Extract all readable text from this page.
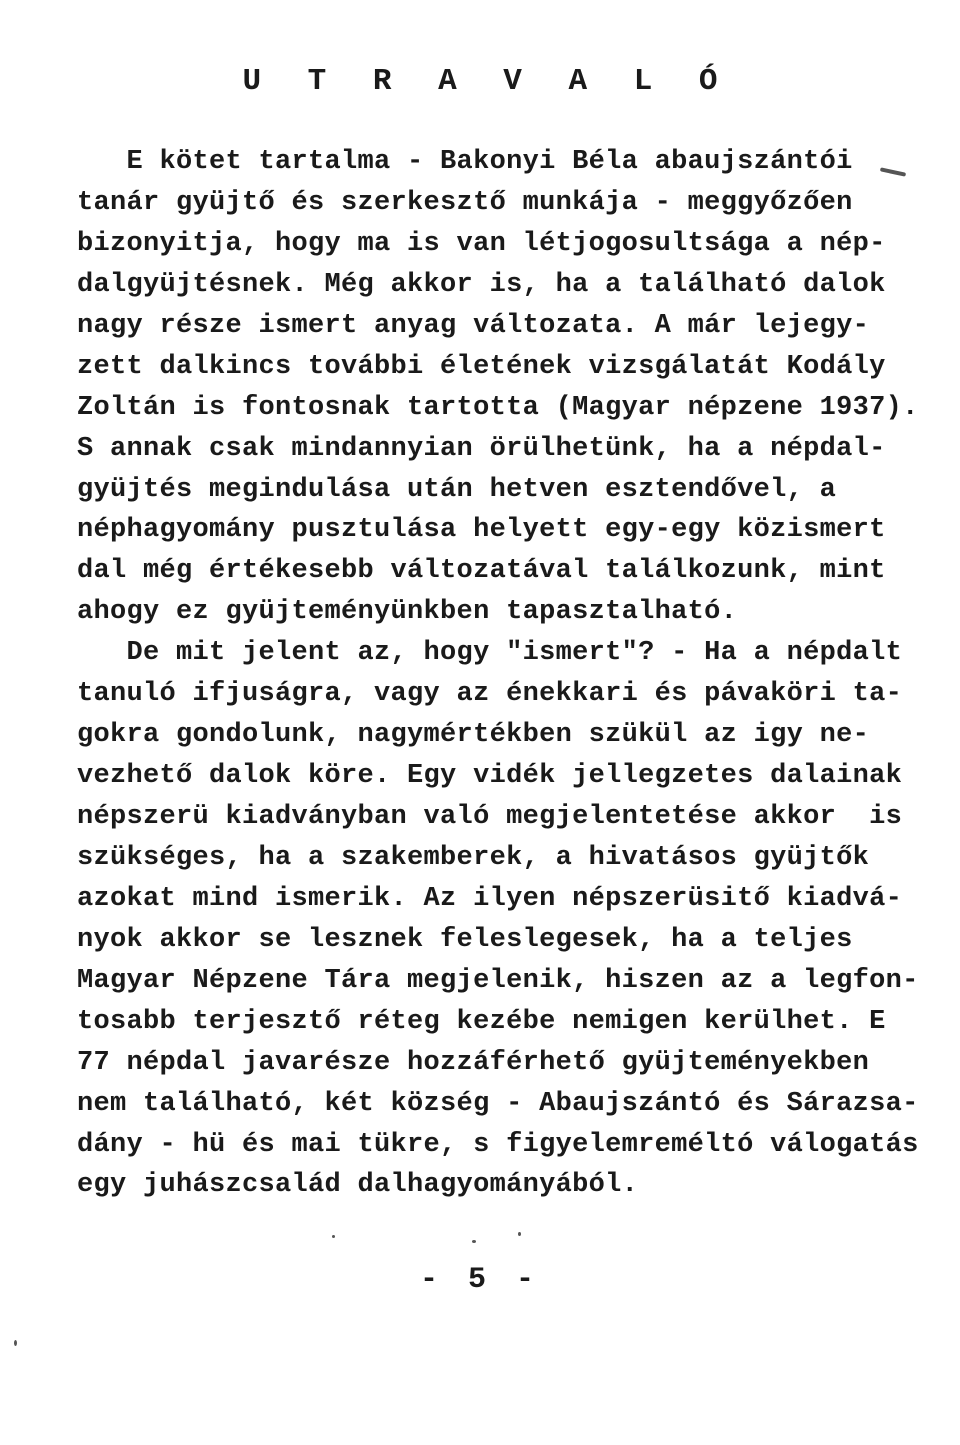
U T R A V A L Ó
E kötet tartalma - Bakonyi Béla abaujszántói
tanár gyüjtő és szerkesztő munkája - meggyőzően
bizonyitja, hogy ma is van létjogosultsága a nép-
dalgyüjtésnek. Még akkor is, ha a található dalok
nagy része ismert anyag változata. A már lejegy-
zett dalkincs további életének vizsgálatát Kodály
Zoltán is fontosnak tartotta (Magyar népzene 1937).
S annak csak mindannyian örülhetünk, ha a népdal-
gyüjtés megindulása után hetven esztendővel, a
néphagyomány pusztulása helyett egy-egy közismert
dal még értékesebb változatával találkozunk, mint
ahogy ez gyüjteményünkben tapasztalható.
De mit jelent az, hogy "ismert"? - Ha a népdalt
tanuló ifjuságra, vagy az énekkari és pávaköri ta-
gokra gondolunk, nagymértékben szükül az igy ne-
vezhető dalok köre. Egy vidék jellegzetes dalainak
népszerü kiadványban való megjelentetése akkor  is
szükséges, ha a szakemberek, a hivatásos gyüjtők
azokat mind ismerik. Az ilyen népszerüsitő kiadvá-
nyok akkor se lesznek feleslegesek, ha a teljes
Magyar Népzene Tára megjelenik, hiszen az a legfon-
tosabb terjesztő réteg kezébe nemigen kerülhet. E
77 népdal javarésze hozzáférhető gyüjteményekben
nem található, két község - Abaujszántó és Sárazsa-
dány - hü és mai tükre, s figyelemreméltó válogatás
egy juhászcsalád dalhagyományából.
- 5 -
